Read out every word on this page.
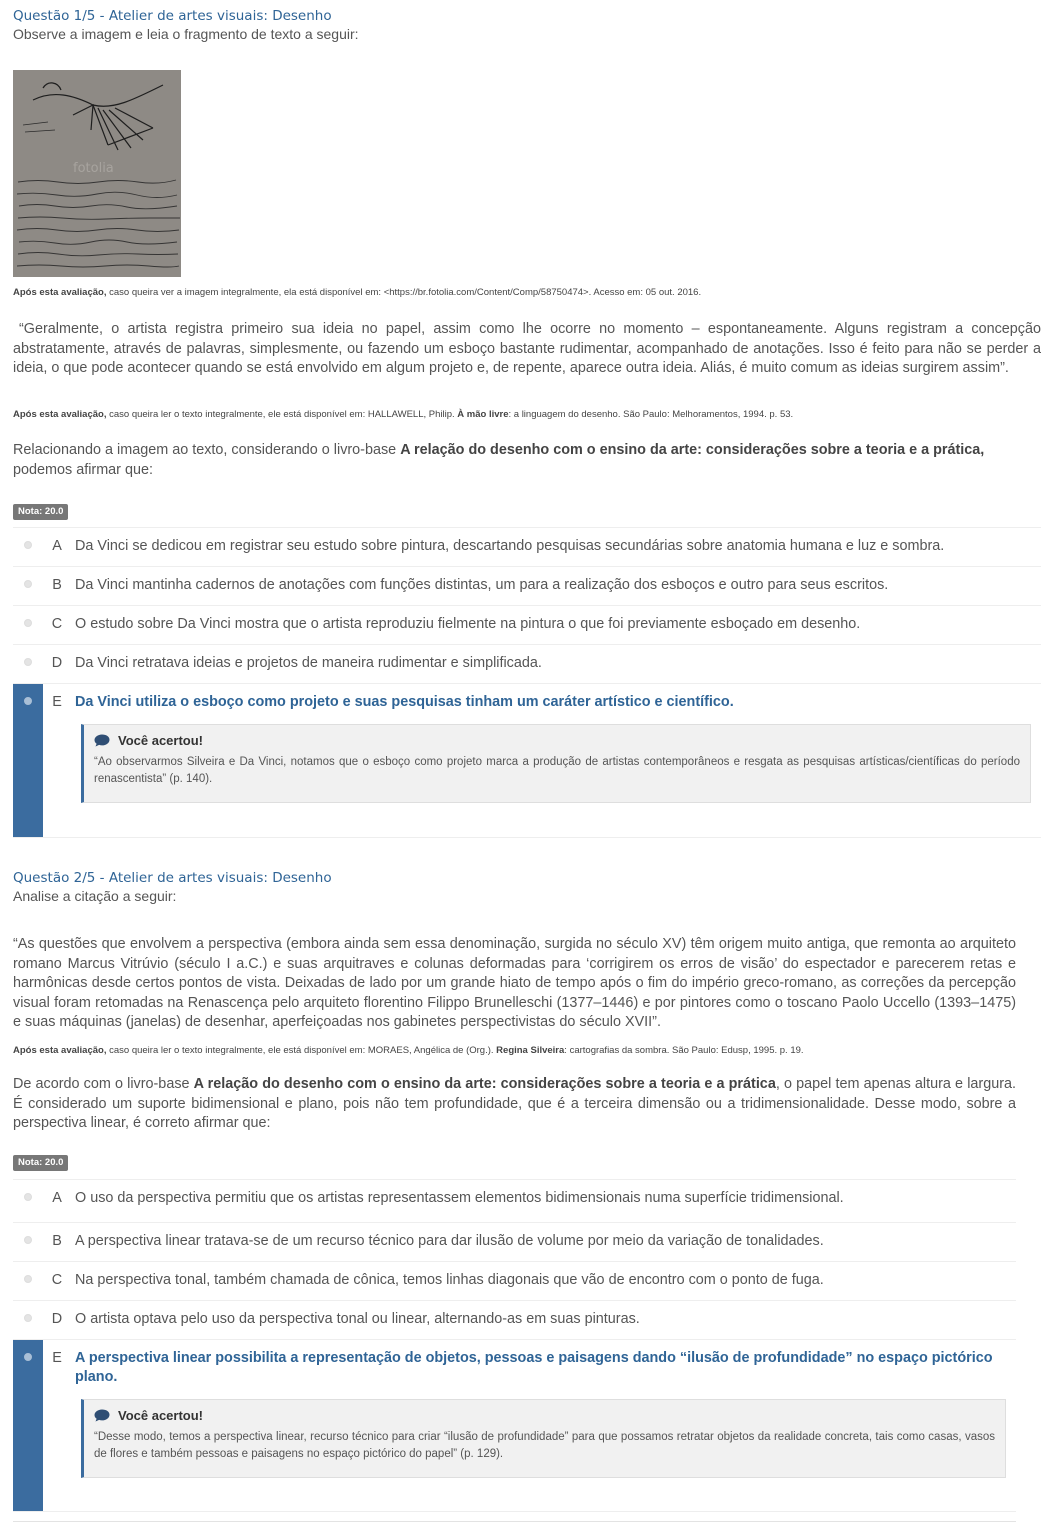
Questão 1/5 - Atelier de artes visuais: Desenho

Observe a imagem e leia o fragmento de texto a seguir:

fotolia
Após esta avaliação, caso queira ver a imagem integralmente, ela está disponível em: <https://br.fotolia.com/Content/Comp/58750474>. Acesso em: 05 out. 2016.

“Geralmente, o artista registra primeiro sua ideia no papel, assim como lhe ocorre no momento – espontaneamente. Alguns registram a concepção abstratamente, através de palavras, simplesmente, ou fazendo um esboço bastante rudimentar, acompanhado de anotações. Isso é feito para não se perder a ideia, o que pode acontecer quando se está envolvido em algum projeto e, de repente, aparece outra ideia. Aliás, é muito comum as ideias surgirem assim”.

Após esta avaliação, caso queira ler o texto integralmente, ele está disponível em: HALLAWELL, Philip. À mão livre: a linguagem do desenho. São Paulo: Melhoramentos, 1994. p. 53.

Relacionando a imagem ao texto, considerando o livro-base A relação do desenho com o ensino da arte: considerações sobre a teoria e a prática, podemos afirmar que:

Nota: 20.0
A Da Vinci se dedicou em registrar seu estudo sobre pintura, descartando pesquisas secundárias sobre anatomia humana e luz e sombra.
B Da Vinci mantinha cadernos de anotações com funções distintas, um para a realização dos esboços e outro para seus escritos.
C O estudo sobre Da Vinci mostra que o artista reproduziu fielmente na pintura o que foi previamente esboçado em desenho.
D Da Vinci retratava ideias e projetos de maneira rudimentar e simplificada.
E Da Vinci utiliza o esboço como projeto e suas pesquisas tinham um caráter artístico e científico.
Você acertou!
“Ao observarmos Silveira e Da Vinci, notamos que o esboço como projeto marca a produção de artistas contemporâneos e resgata as pesquisas artísticas/científicas do período renascentista” (p. 140).

Questão 2/5 - Atelier de artes visuais: Desenho

Analise a citação a seguir:

“As questões que envolvem a perspectiva (embora ainda sem essa denominação, surgida no século XV) têm origem muito antiga, que remonta ao arquiteto romano Marcus Vitrúvio (século I a.C.) e suas arquitraves e colunas deformadas para ‘corrigirem os erros de visão’ do espectador e parecerem retas e harmônicas desde certos pontos de vista. Deixadas de lado por um grande hiato de tempo após o fim do império greco-romano, as correções da percepção visual foram retomadas na Renascença pelo arquiteto florentino Filippo Brunelleschi (1377–1446) e por pintores como o toscano Paolo Uccello (1393–1475) e suas máquinas (janelas) de desenhar, aperfeiçoadas nos gabinetes perspectivistas do século XVII”.

Após esta avaliação, caso queira ler o texto integralmente, ele está disponível em: MORAES, Angélica de (Org.). Regina Silveira: cartografias da sombra. São Paulo: Edusp, 1995. p. 19.

De acordo com o livro-base A relação do desenho com o ensino da arte: considerações sobre a teoria e a prática, o papel tem apenas altura e largura. É considerado um suporte bidimensional e plano, pois não tem profundidade, que é a terceira dimensão ou a tridimensionalidade. Desse modo, sobre a perspectiva linear, é correto afirmar que:

Nota: 20.0
A O uso da perspectiva permitiu que os artistas representassem elementos bidimensionais numa superfície tridimensional.
B A perspectiva linear tratava-se de um recurso técnico para dar ilusão de volume por meio da variação de tonalidades.
C Na perspectiva tonal, também chamada de cônica, temos linhas diagonais que vão de encontro com o ponto de fuga.
D O artista optava pelo uso da perspectiva tonal ou linear, alternando-as em suas pinturas.
E A perspectiva linear possibilita a representação de objetos, pessoas e paisagens dando “ilusão de profundidade” no espaço pictórico plano.
Você acertou!
“Desse modo, temos a perspectiva linear, recurso técnico para criar “ilusão de profundidade” para que possamos retratar objetos da realidade concreta, tais como casas, vasos de flores e também pessoas e paisagens no espaço pictórico do papel” (p. 129).
